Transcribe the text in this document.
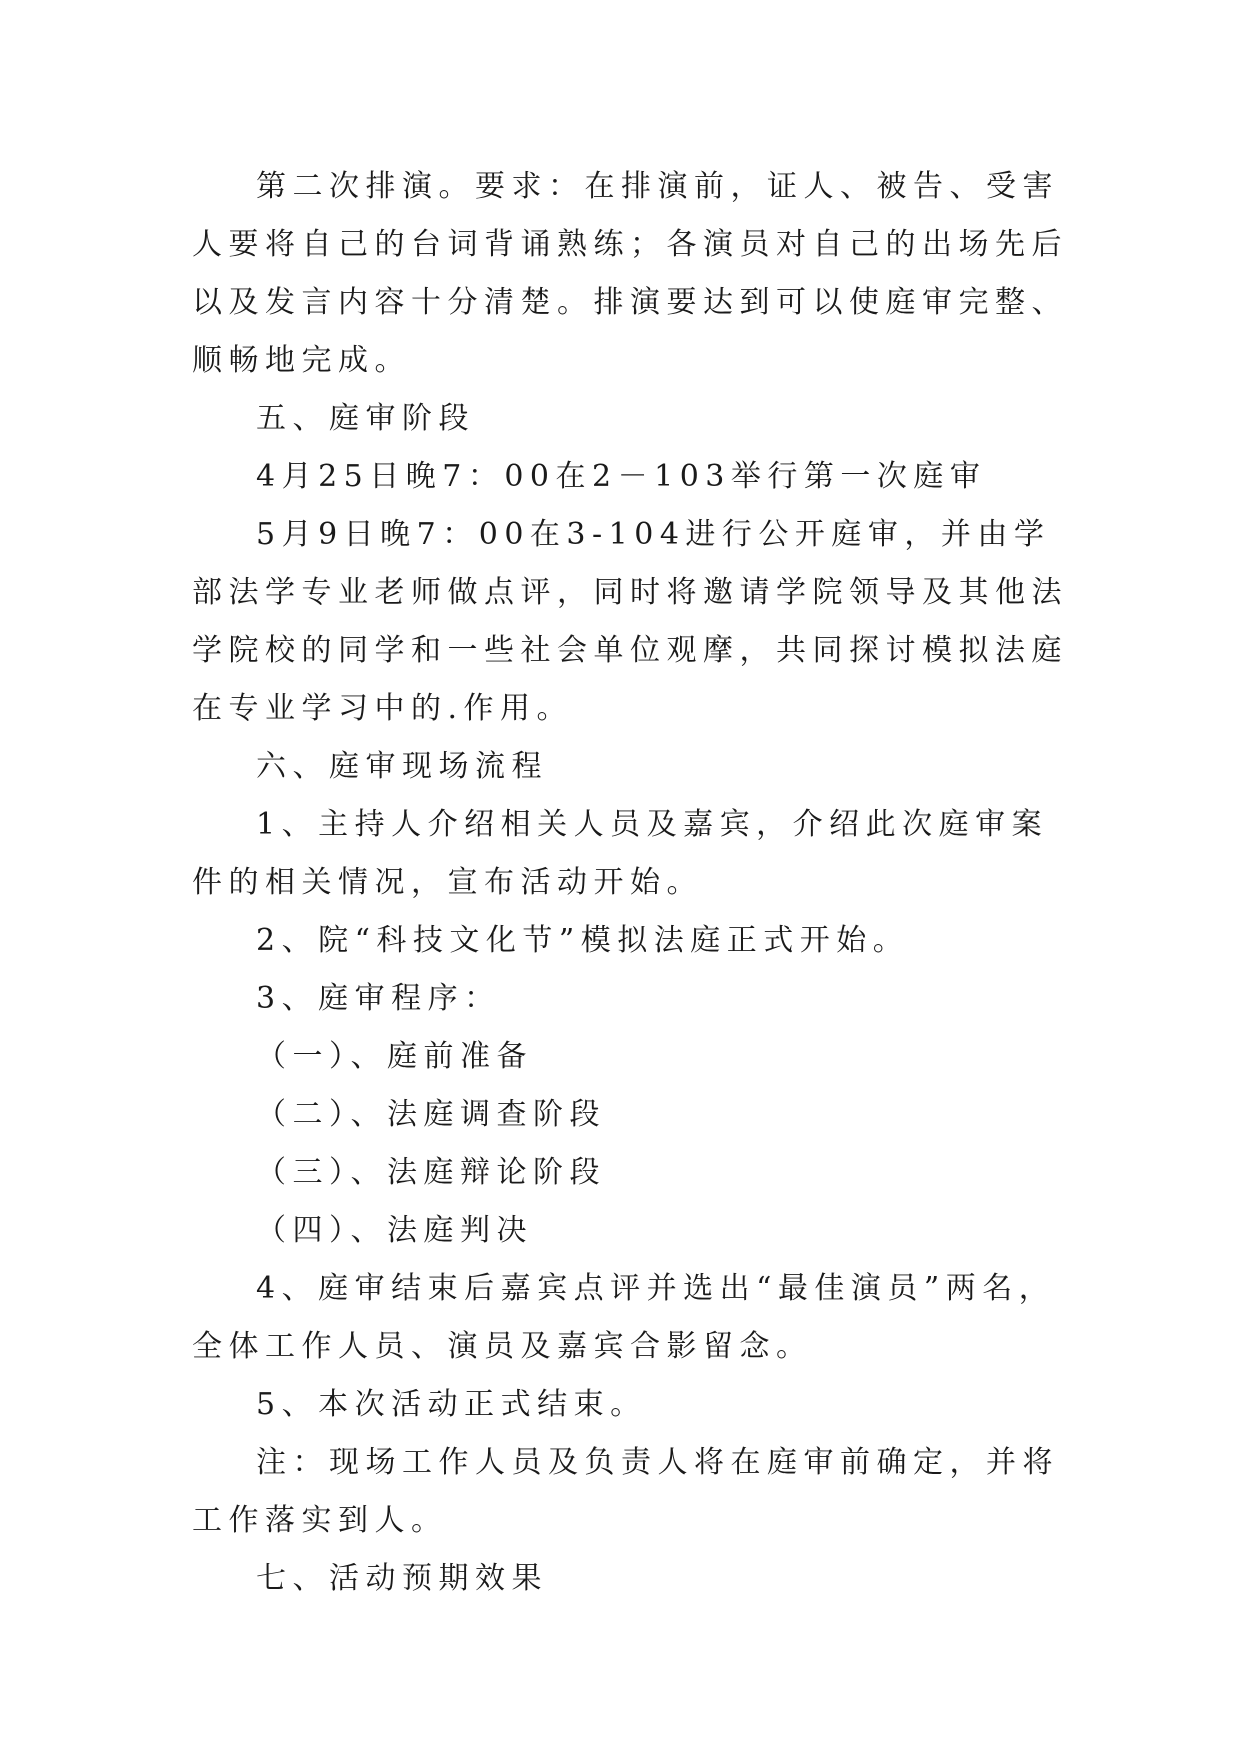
第二次排演。要求：在排演前，证人、被告、受害人要将自己的台词背诵熟练；各演员对自己的出场先后以及发言内容十分清楚。排演要达到可以使庭审完整、顺畅地完成。

五、庭审阶段

4月25日晚7：00在2－103举行第一次庭审

5月9日晚7：00在3-104进行公开庭审，并由学部法学专业老师做点评，同时将邀请学院领导及其他法学院校的同学和一些社会单位观摩，共同探讨模拟法庭在专业学习中的.作用。

六、庭审现场流程

1、主持人介绍相关人员及嘉宾，介绍此次庭审案件的相关情况，宣布活动开始。

2、院“科技文化节”模拟法庭正式开始。

3、庭审程序：

（一）、庭前准备

（二）、法庭调查阶段

（三）、法庭辩论阶段

（四）、法庭判决

4、庭审结束后嘉宾点评并选出“最佳演员”两名，全体工作人员、演员及嘉宾合影留念。

5、本次活动正式结束。

注：现场工作人员及负责人将在庭审前确定，并将工作落实到人。

七、活动预期效果
